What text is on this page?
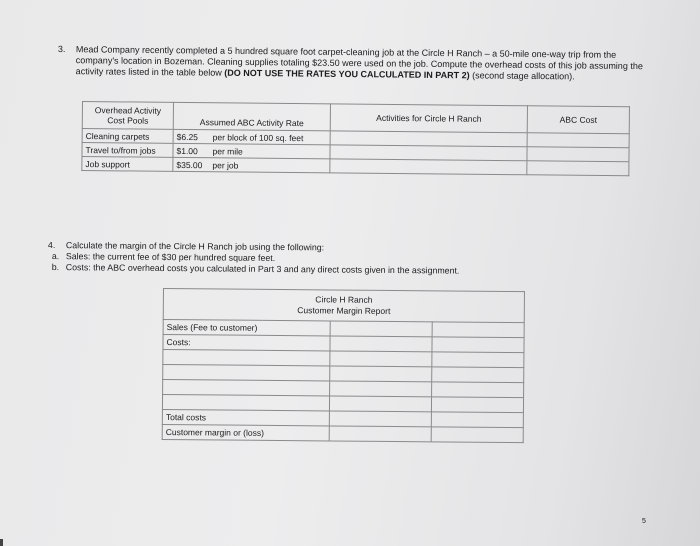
3. Mead Company recently completed a 5 hundred square foot carpet-cleaning job at the Circle H Ranch – a 50-mile one-way trip from the company's location in Bozeman. Cleaning supplies totaling $23.50 were used on the job. Compute the overhead costs of this job assuming the activity rates listed in the table below (DO NOT USE THE RATES YOU CALCULATED IN PART 2) (second stage allocation).
Overhead Activity Cost Pools	Assumed ABC Activity Rate	Activities for Circle H Ranch	ABC Cost
Cleaning carpets	$6.25 per block of 100 sq. feet		
Travel to/from jobs	$1.00 per mile		
Job support	$35.00 per job		
4.	Calculate the margin of the Circle H Ranch job using the following:
a. Sales: the current fee of $30 per hundred square feet.
b. Costs: the ABC overhead costs you calculated in Part 3 and any direct costs given in the assignment.
Circle H Ranch
Customer Margin Report		

Sales (Fee to customer)		
Costs:		

Total costs		
Customer margin or (loss)		
5
